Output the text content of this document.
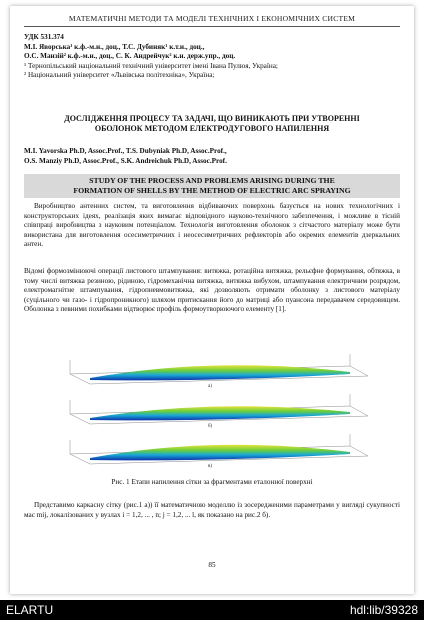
МАТЕМАТИЧНІ МЕТОДИ ТА МОДЕЛІ ТЕХНІЧНИХ І ЕКОНОМІЧНИХ СИСТЕМ
УДК 531.374
М.І. Яворська¹ к.ф.-м.н., доц., Т.С. Дубиняк¹ к.т.н., доц.,
О.С. Манзій² к.ф.-м.н., доц., С. К. Андрейчук² к.н. держ.упр., доц.
¹ Тернопільський національний технічний університет імені Івана Пулюя, Україна;
² Національний університет «Львівська політехніка», Україна;
ДОСЛІДЖЕННЯ ПРОЦЕСУ ТА ЗАДАЧІ, ЩО ВИНИКАЮТЬ ПРИ УТВОРЕННІ
ОБОЛОНОК МЕТОДОМ ЕЛЕКТРОДУГОВОГО НАПИЛЕННЯ
M.I. Yavorska Ph.D, Assoc.Prof., T.S. Dubyniak Ph.D, Assoc.Prof.,
O.S. Manziy Ph.D, Assoc.Prof., S.K. Andreichuk Ph.D, Assoc.Prof.
STUDY OF THE PROCESS AND PROBLEMS ARISING DURING THE
FORMATION OF SHELLS BY THE METHOD OF ELECTRIC ARC SPRAYING
Виробництво антенних систем, та виготовлення відбиваючих поверхонь базується на нових технологічних і конструкторських ідеях, реалізація яких вимагає відповідного науково-технічного забезпечення, і можливе в тісній співпраці виробництва з науковим потенціалом. Технологія виготовлення оболонок з сітчастого матеріалу може бути використана для виготовлення осесиметричних і неосесиметричних рефлекторів або окремих елементів дзеркальних антен.
Відомі формозмінюючі операції листового штампування: витяжка, ротаційна витяжка, рельєфне формування, обтяжка, в тому числі витяжка резиною, рідиною, гідромеханічна витяжка, витяжка вибухом, штампування електричним розрядом, електромагнітне штампування, гідропневмовитяжка, які дозволяють отримати оболонку з листового матеріалу (суцільного чи газо- і гідропроникного) шляхом притискання його до матриці або пуансона передавачем середовищем. Оболонка з певними похибками відтворює профіль формоутворюючого елементу [1].
а)
б)
в)
Рис. 1 Етапи напилення сітки за фрагментами еталонної поверхні
Представимо каркасну сітку (рис.1 а)) її математичною моделлю із зосередженими параметрами у вигляді сукупності мас mij, локалізованих у вузлах i = 1,2, ... , n; j = 1,2, ... l, як показано на рис.2 б).
85
ELARTU	hdl:lib/39328
